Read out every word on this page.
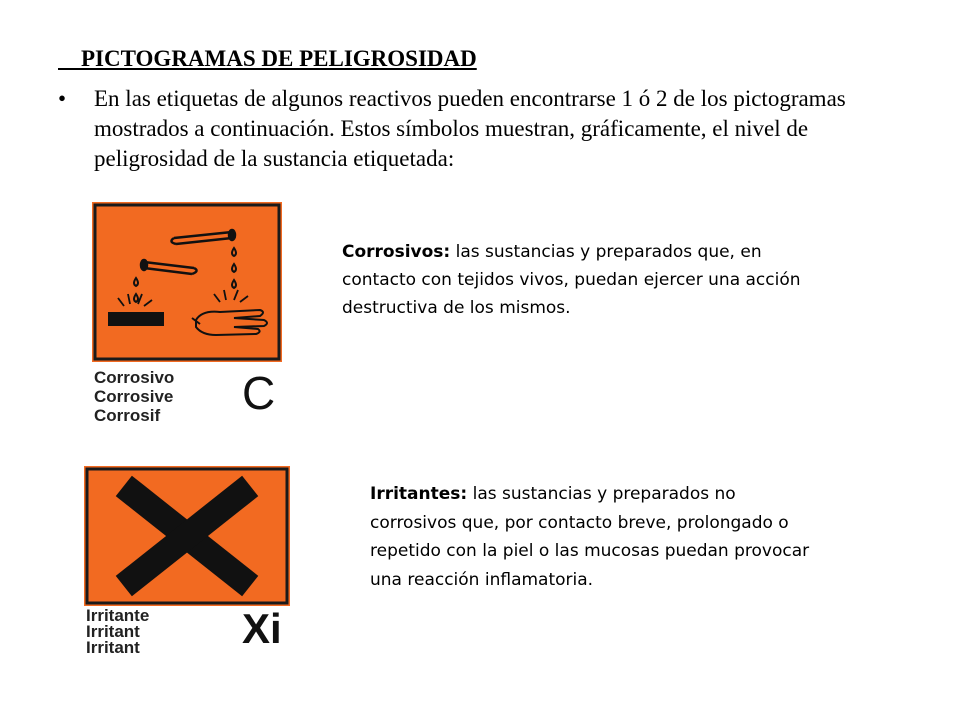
PICTOGRAMAS DE PELIGROSIDAD
• En las etiquetas de algunos reactivos pueden encontrarse 1 ó 2 de los pictogramas mostrados a continuación. Estos símbolos muestran, gráficamente, el nivel de peligrosidad de la sustancia etiquetada:
Corrosivo
Corrosive
Corrosif	C
Corrosivos: las sustancias y preparados que, en contacto con tejidos vivos, puedan ejercer una acción destructiva de los mismos.
Irritante
Irritant
Irritant Xi
Irritantes: las sustancias y preparados no corrosivos que, por contacto breve, prolongado o repetido con la piel o las mucosas puedan provocar una reacción inflamatoria.
